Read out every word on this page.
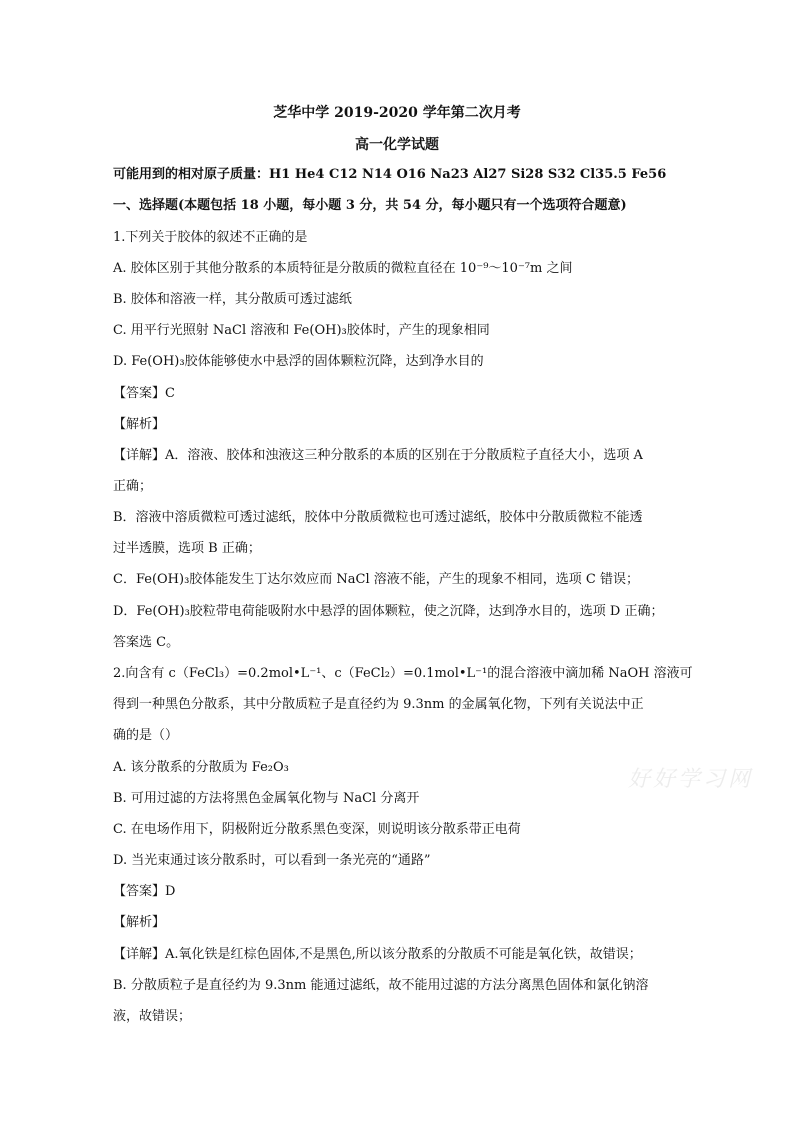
芝华中学 2019-2020 学年第二次月考
高一化学试题
可能用到的相对原子质量：H1 He4 C12 N14 O16 Na23 Al27 Si28 S32 Cl35.5 Fe56
一、选择题(本题包括 18 小题，每小题 3 分，共 54 分，每小题只有一个选项符合题意)
1.下列关于胶体的叙述不正确的是
A. 胶体区别于其他分散系的本质特征是分散质的微粒直径在 10⁻⁹～10⁻⁷m 之间
B. 胶体和溶液一样，其分散质可透过滤纸
C. 用平行光照射 NaCl 溶液和 Fe(OH)₃胶体时，产生的现象相同
D. Fe(OH)₃胶体能够使水中悬浮的固体颗粒沉降，达到净水目的
【答案】C
【解析】
【详解】A．溶液、胶体和浊液这三种分散系的本质的区别在于分散质粒子直径大小，选项 A
正确；
B．溶液中溶质微粒可透过滤纸，胶体中分散质微粒也可透过滤纸，胶体中分散质微粒不能透
过半透膜，选项 B 正确；
C．Fe(OH)₃胶体能发生丁达尔效应而 NaCl 溶液不能，产生的现象不相同，选项 C 错误；
D．Fe(OH)₃胶粒带电荷能吸附水中悬浮的固体颗粒，使之沉降，达到净水目的，选项 D 正确；
答案选 C。
2.向含有 c（FeCl₃）=0.2mol•L⁻¹、c（FeCl₂）=0.1mol•L⁻¹的混合溶液中滴加稀 NaOH 溶液可
得到一种黑色分散系，其中分散质粒子是直径约为 9.3nm 的金属氧化物，下列有关说法中正
确的是（）
A. 该分散系的分散质为 Fe₂O₃
B. 可用过滤的方法将黑色金属氧化物与 NaCl 分离开
C. 在电场作用下，阴极附近分散系黑色变深，则说明该分散系带正电荷
D. 当光束通过该分散系时，可以看到一条光亮的“通路”
【答案】D
【解析】
【详解】A.氧化铁是红棕色固体,不是黑色,所以该分散系的分散质不可能是氧化铁，故错误；
B. 分散质粒子是直径约为 9.3nm 能通过滤纸，故不能用过滤的方法分离黑色固体和氯化钠溶
液，故错误；
好好学习网
